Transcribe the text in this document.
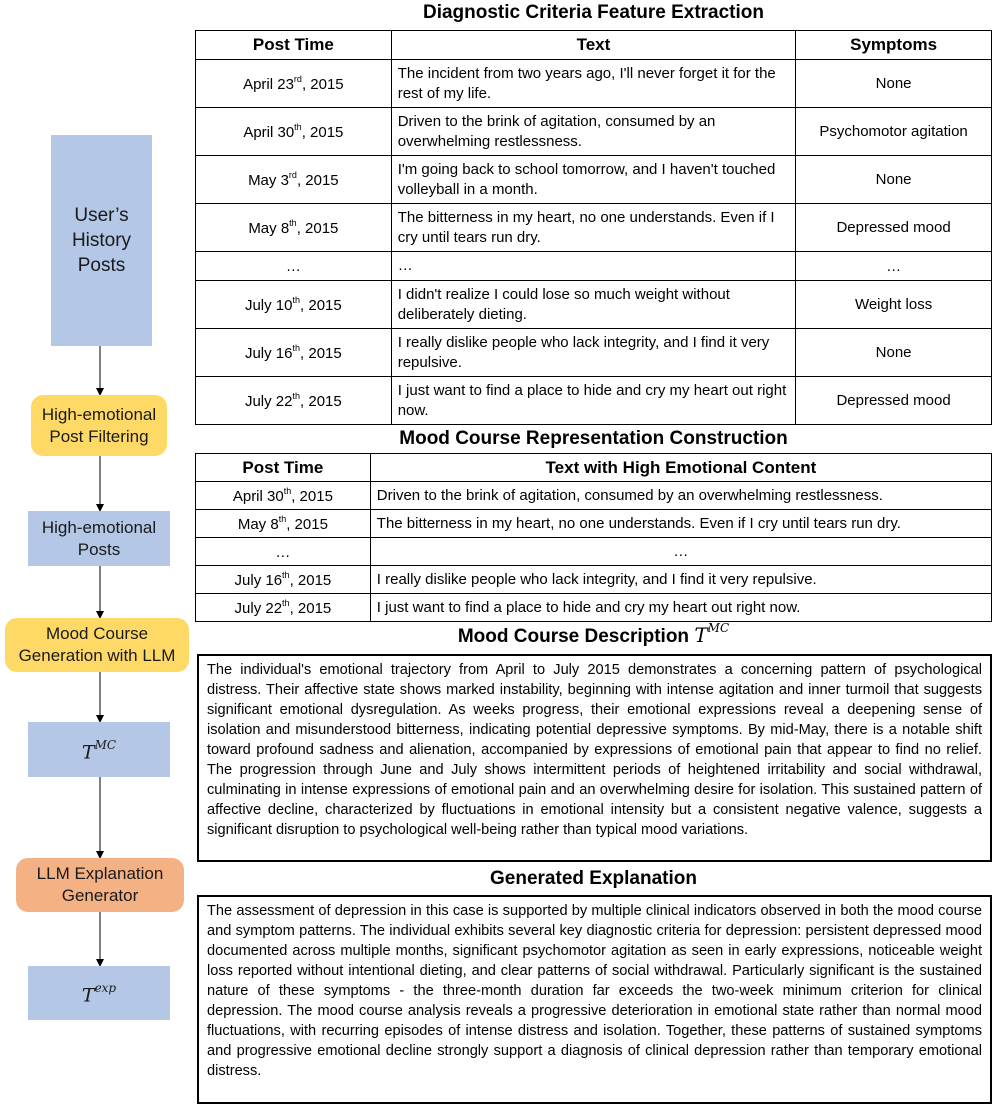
User’s History Posts
High-emotional Post Filtering
High-emotional Posts
Mood Course Generation with LLM
$T^{MC}$
LLM Explanation Generator
$T^{exp}$
Diagnostic Criteria Feature Extraction
Post Time	Text	Symptoms
April 23rd, 2015	The incident from two years ago, I'll never forget it for the rest of my life.	None
April 30th, 2015	Driven to the brink of agitation, consumed by an overwhelming restlessness.	Psychomotor agitation
May 3rd, 2015	I'm going back to school tomorrow, and I haven't touched volleyball in a month.	None
May 8th, 2015	The bitterness in my heart, no one understands. Even if I cry until tears run dry.	Depressed mood
…	…	…
July 10th, 2015	I didn't realize I could lose so much weight without deliberately dieting.	Weight loss
July 16th, 2015	I really dislike people who lack integrity, and I find it very repulsive.	None
July 22th, 2015	I just want to find a place to hide and cry my heart out right now.	Depressed mood
Mood Course Representation Construction
Post Time	Text with High Emotional Content
April 30th, 2015	Driven to the brink of agitation, consumed by an overwhelming restlessness.
May 8th, 2015	The bitterness in my heart, no one understands. Even if I cry until tears run dry.
…	…
July 16th, 2015	I really dislike people who lack integrity, and I find it very repulsive.
July 22th, 2015	I just want to find a place to hide and cry my heart out right now.
Mood Course Description $T^{MC}$
The individual's emotional trajectory from April to July 2015 demonstrates a concerning pattern of psychological distress. Their affective state shows marked instability, beginning with intense agitation and inner turmoil that suggests significant emotional dysregulation. As weeks progress, their emotional expressions reveal a deepening sense of isolation and misunderstood bitterness, indicating potential depressive symptoms. By mid-May, there is a notable shift toward profound sadness and alienation, accompanied by expressions of emotional pain that appear to find no relief. The progression through June and July shows intermittent periods of heightened irritability and social withdrawal, culminating in intense expressions of emotional pain and an overwhelming desire for isolation. This sustained pattern of affective decline, characterized by fluctuations in emotional intensity but a consistent negative valence, suggests a significant disruption to psychological well-being rather than typical mood variations.
Generated Explanation
The assessment of depression in this case is supported by multiple clinical indicators observed in both the mood course and symptom patterns. The individual exhibits several key diagnostic criteria for depression: persistent depressed mood documented across multiple months, significant psychomotor agitation as seen in early expressions, noticeable weight loss reported without intentional dieting, and clear patterns of social withdrawal. Particularly significant is the sustained nature of these symptoms - the three-month duration far exceeds the two-week minimum criterion for clinical depression. The mood course analysis reveals a progressive deterioration in emotional state rather than normal mood fluctuations, with recurring episodes of intense distress and isolation. Together, these patterns of sustained symptoms and progressive emotional decline strongly support a diagnosis of clinical depression rather than temporary emotional distress.
